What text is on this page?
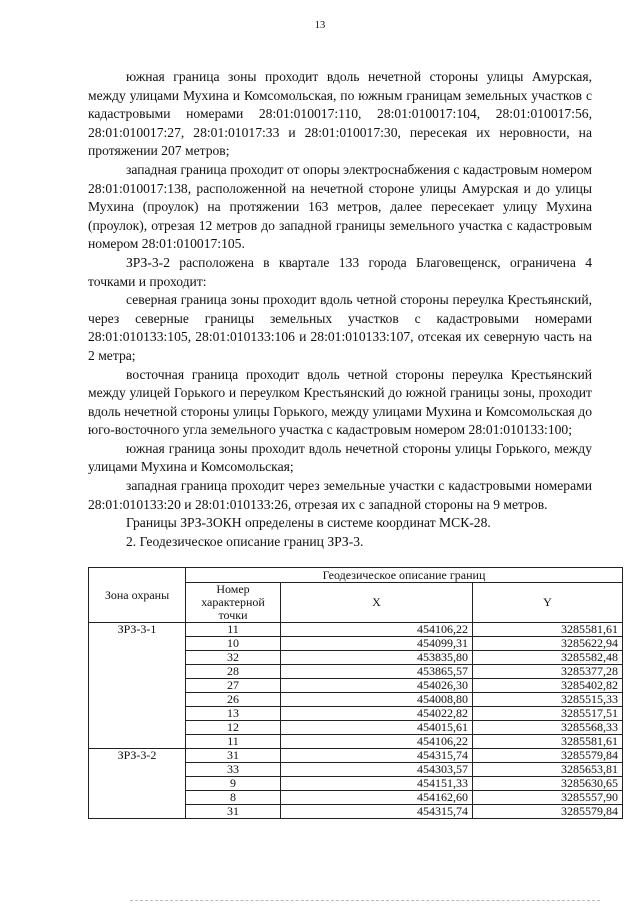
13

южная граница зоны проходит вдоль нечетной стороны улицы Амурская, между улицами Мухина и Комсомольская, по южным границам земельных участков с кадастровыми номерами 28:01:010017:110, 28:01:010017:104, 28:01:010017:56, 28:01:010017:27, 28:01:01017:33 и 28:01:010017:30, пересекая их неровности, на протяжении 207 метров;

западная граница проходит от опоры электроснабжения с кадастровым номером 28:01:010017:138, расположенной на нечетной стороне улицы Амурская и до улицы Мухина (проулок) на протяжении 163 метров, далее пересекает улицу Мухина (проулок), отрезая 12 метров до западной границы земельного участка с кадастровым номером 28:01:010017:105.

ЗРЗ-3-2 расположена в квартале 133 города Благовещенск, ограничена 4 точками и проходит:

северная граница зоны проходит вдоль четной стороны переулка Крестьянский, через северные границы земельных участков с кадастровыми номерами 28:01:010133:105, 28:01:010133:106 и 28:01:010133:107, отсекая их северную часть на 2 метра;

восточная граница проходит вдоль четной стороны переулка Крестьянский между улицей Горького и переулком Крестьянский до южной границы зоны, проходит вдоль нечетной стороны улицы Горького, между улицами Мухина и Комсомольская до юго-восточного угла земельного участка с кадастровым номером 28:01:010133:100;

южная граница зоны проходит вдоль нечетной стороны улицы Горького, между улицами Мухина и Комсомольская;

западная граница проходит через земельные участки с кадастровыми номерами 28:01:010133:20 и 28:01:010133:26, отрезая их с западной стороны на 9 метров.

Границы ЗРЗ-3ОКН определены в системе координат МСК-28.

2. Геодезическое описание границ ЗРЗ-3.

Зона охраны	Геодезическое описание границ		
	Номер характерной точки	X	Y
ЗРЗ-3-1	11	454106,22	3285581,61
	10	454099,31	3285622,94
	32	453835,80	3285582,48
	28	453865,57	3285377,28
	27	454026,30	3285402,82
	26	454008,80	3285515,33
	13	454022,82	3285517,51
	12	454015,61	3285568,33
	11	454106,22	3285581,61
ЗРЗ-3-2	31	454315,74	3285579,84
	33	454303,57	3285653,81
	9	454151,33	3285630,65
	8	454162,60	3285557,90
	31	454315,74	3285579,84
